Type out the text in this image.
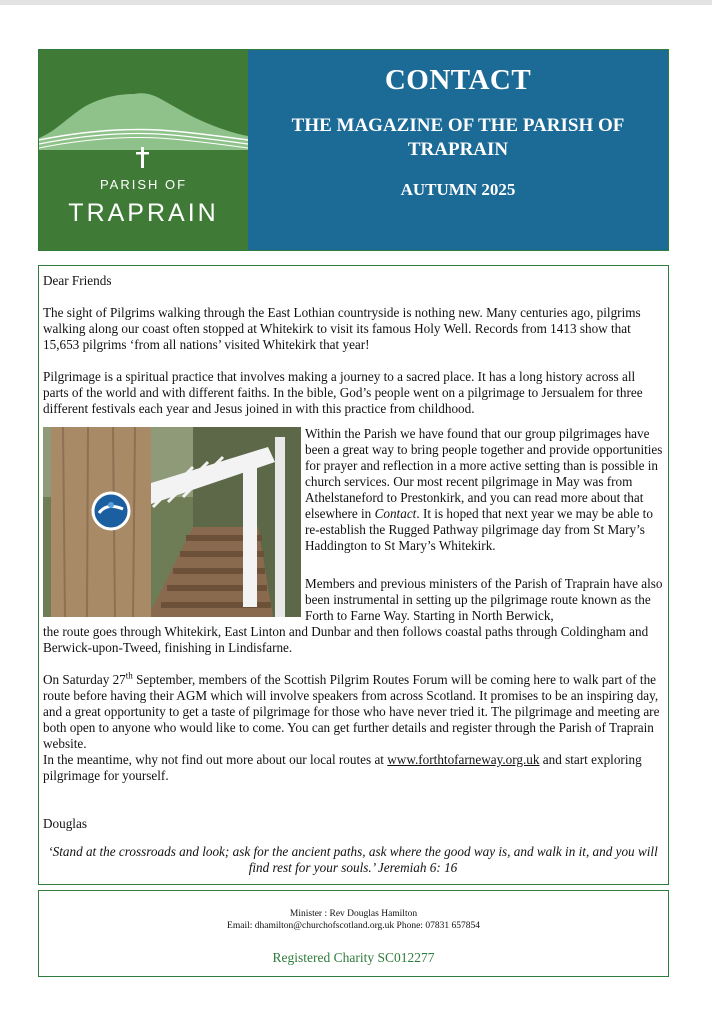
PARISH OF
TRAPRAIN
CONTACT
THE MAGAZINE OF THE PARISH OF TRAPRAIN
AUTUMN 2025
Dear Friends
The sight of Pilgrims walking through the East Lothian countryside is nothing new. Many centuries ago, pilgrims walking along our coast often stopped at Whitekirk to visit its famous Holy Well. Records from 1413 show that 15,653 pilgrims ‘from all nations’ visited Whitekirk that year!
Pilgrimage is a spiritual practice that involves making a journey to a sacred place. It has a long history across all parts of the world and with different faiths. In the bible, God’s people went on a pilgrimage to Jersualem for three different festivals each year and Jesus joined in with this practice from childhood.

Within the Parish we have found that our group pilgrimages have been a great way to bring people together and provide opportunities for prayer and reflection in a more active setting than is possible in church services. Our most recent pilgrimage in May was from Athelstaneford to Prestonkirk, and you can read more about that elsewhere in Contact. It is hoped that next year we may be able to re-establish the Rugged Pathway pilgrimage day from St Mary’s Haddington to St Mary’s Whitekirk.

Members and previous ministers of the Parish of Traprain have also been instrumental in setting up the pilgrimage route known as the Forth to Farne Way. Starting in North Berwick,
the route goes through Whitekirk, East Linton and Dunbar and then follows coastal paths through Coldingham and Berwick-upon-Tweed, finishing in Lindisfarne.

On Saturday 27th September, members of the Scottish Pilgrim Routes Forum will be coming here to walk part of the route before having their AGM which will involve speakers from across Scotland. It promises to be an inspiring day, and a great opportunity to get a taste of pilgrimage for those who have never tried it. The pilgrimage and meeting are both open to anyone who would like to come. You can get further details and register through the Parish of Traprain website.

In the meantime, why not find out more about our local routes at www.forthtofarneway.org.uk and start exploring pilgrimage for yourself.

Douglas
‘Stand at the crossroads and look; ask for the ancient paths, ask where the good way is, and walk in it, and you will find rest for your souls.’ Jeremiah 6: 16
Minister : Rev Douglas Hamilton
Email: dhamilton@churchofscotland.org.uk Phone: 07831 657854
Registered Charity SC012277
